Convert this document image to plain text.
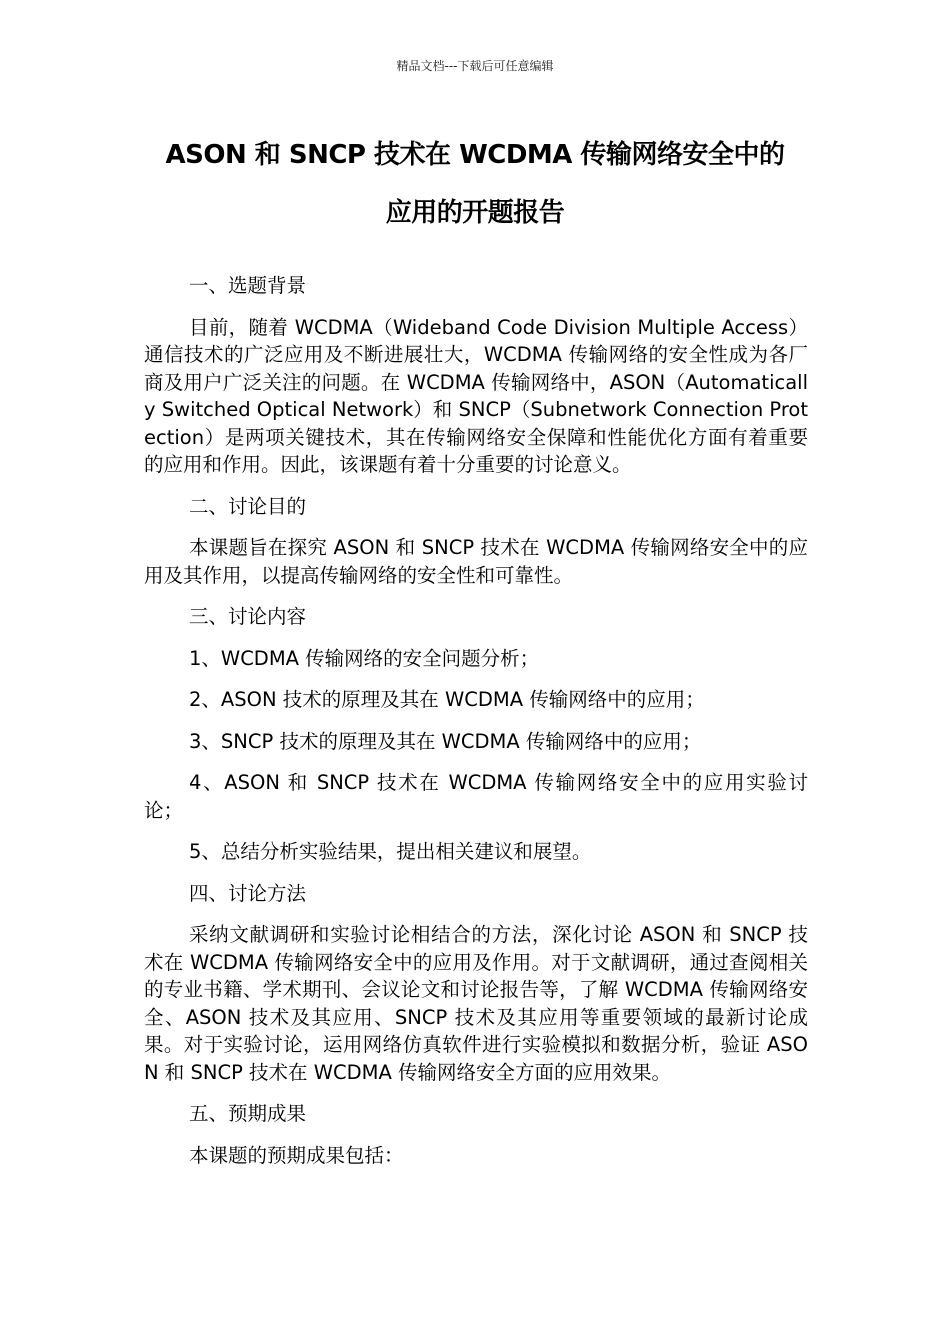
精品文档---下载后可任意编辑
ASON 和 SNCP 技术在 WCDMA 传输网络安全中的
应用的开题报告

一、选题背景

目前，随着 WCDMA（Wideband Code Division Multiple Access）通信技术的广泛应用及不断进展壮大，WCDMA 传输网络的安全性成为各厂商及用户广泛关注的问题。在 WCDMA 传输网络中，ASON（Automatically Switched Optical Network）和 SNCP（Subnetwork Connection Protection）是两项关键技术，其在传输网络安全保障和性能优化方面有着重要的应用和作用。因此，该课题有着十分重要的讨论意义。

二、讨论目的

本课题旨在探究 ASON 和 SNCP 技术在 WCDMA 传输网络安全中的应用及其作用，以提高传输网络的安全性和可靠性。

三、讨论内容

1、WCDMA 传输网络的安全问题分析；

2、ASON 技术的原理及其在 WCDMA 传输网络中的应用；

3、SNCP 技术的原理及其在 WCDMA 传输网络中的应用；

4、ASON 和 SNCP 技术在 WCDMA 传输网络安全中的应用实验讨论；

5、总结分析实验结果，提出相关建议和展望。

四、讨论方法

采纳文献调研和实验讨论相结合的方法，深化讨论 ASON 和 SNCP 技术在 WCDMA 传输网络安全中的应用及作用。对于文献调研，通过查阅相关的专业书籍、学术期刊、会议论文和讨论报告等，了解 WCDMA 传输网络安全、ASON 技术及其应用、SNCP 技术及其应用等重要领域的最新讨论成果。对于实验讨论，运用网络仿真软件进行实验模拟和数据分析，验证 ASON 和 SNCP 技术在 WCDMA 传输网络安全方面的应用效果。

五、预期成果

本课题的预期成果包括：
